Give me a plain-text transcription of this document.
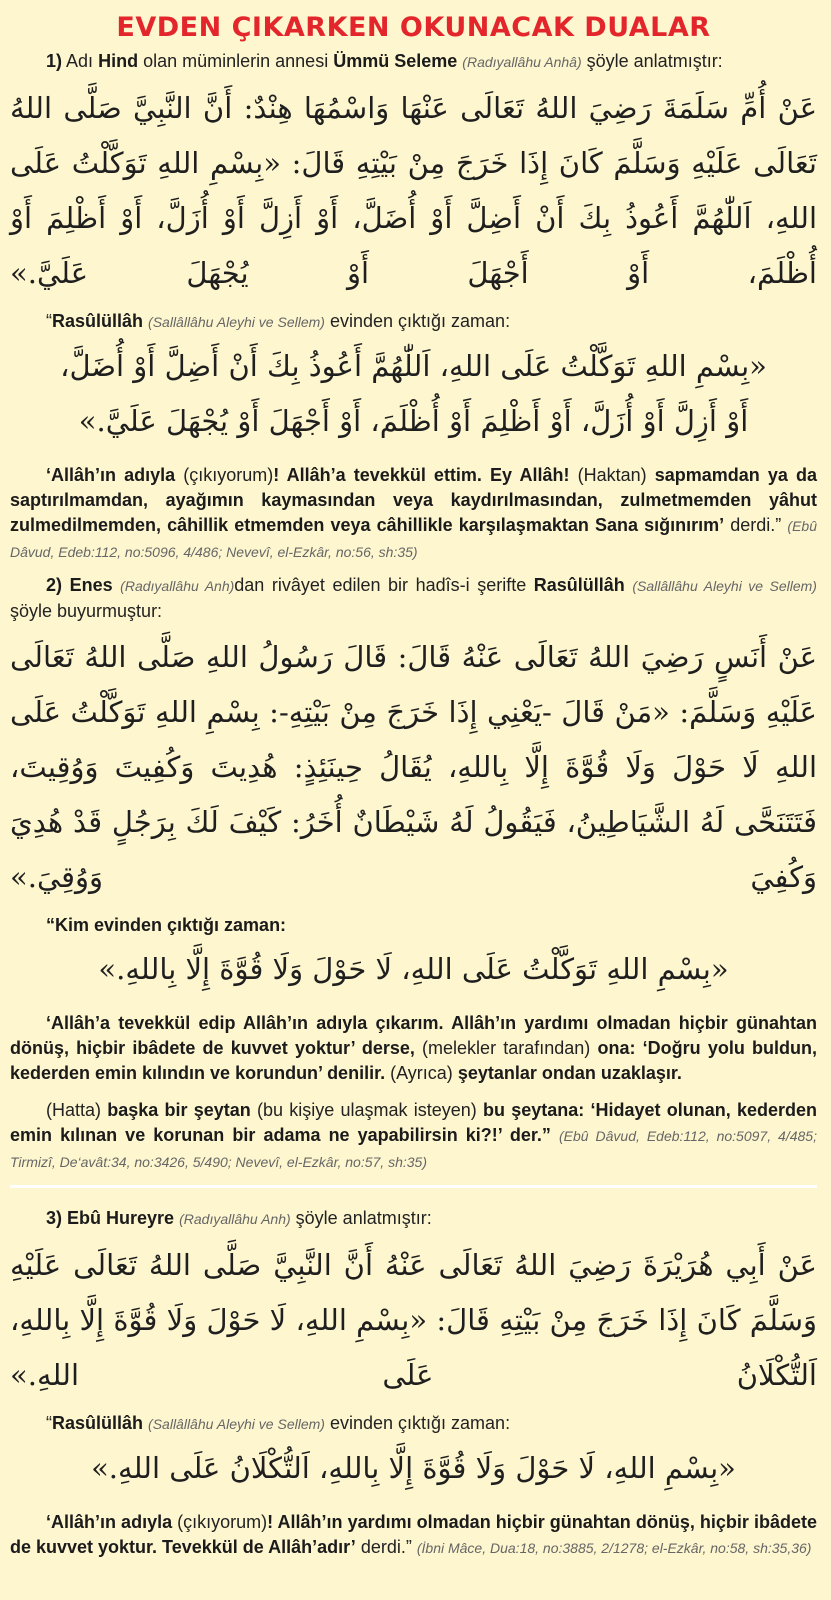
EVDEN ÇIKARKEN OKUNACAK DUALAR

1) Adı Hind olan müminlerin annesi Ümmü Seleme (Radıyallâhu Anhâ) şöyle anlatmıştır:

عَنْ أُمِّ سَلَمَةَ رَضِيَ اللهُ تَعَالَى عَنْهَا وَاسْمُهَا هِنْدٌ: أَنَّ النَّبِيَّ صَلَّى اللهُ تَعَالَى عَلَيْهِ وَسَلَّمَ كَانَ إِذَا خَرَجَ مِنْ بَيْتِهِ قَالَ: «بِسْمِ اللهِ تَوَكَّلْتُ عَلَى اللهِ، اَللّٰهُمَّ أَعُوذُ بِكَ أَنْ أَضِلَّ أَوْ أُضَلَّ، أَوْ أَزِلَّ أَوْ أُزَلَّ، أَوْ أَظْلِمَ أَوْ أُظْلَمَ، أَوْ أَجْهَلَ أَوْ يُجْهَلَ عَلَيَّ.»

“Rasûlüllâh (Sallâllâhu Aleyhi ve Sellem) evinden çıktığı zaman:

«بِسْمِ اللهِ تَوَكَّلْتُ عَلَى اللهِ، اَللّٰهُمَّ أَعُوذُ بِكَ أَنْ أَضِلَّ أَوْ أُضَلَّ،
أَوْ أَزِلَّ أَوْ أُزَلَّ، أَوْ أَظْلِمَ أَوْ أُظْلَمَ، أَوْ أَجْهَلَ أَوْ يُجْهَلَ عَلَيَّ.»

‘Allâh’ın adıyla (çıkıyorum)! Allâh’a tevekkül ettim. Ey Allâh! (Haktan) sapmamdan ya da saptırılmamdan, ayağımın kaymasından veya kaydırılmasından, zulmetmemden yâhut zulmedilmemden, câhillik etmemden veya câhillikle karşılaşmaktan Sana sığınırım’ derdi.” (Ebû Dâvud, Edeb:112, no:5096, 4/486; Nevevî, el-Ezkâr, no:56, sh:35)

2) Enes (Radıyallâhu Anh)dan rivâyet edilen bir hadîs-i şerifte Rasûlüllâh (Sallâllâhu Aleyhi ve Sellem) şöyle buyurmuştur:

عَنْ أَنَسٍ رَضِيَ اللهُ تَعَالَى عَنْهُ قَالَ: قَالَ رَسُولُ اللهِ صَلَّى اللهُ تَعَالَى عَلَيْهِ وَسَلَّمَ: «مَنْ قَالَ -يَعْنِي إِذَا خَرَجَ مِنْ بَيْتِهِ-: بِسْمِ اللهِ تَوَكَّلْتُ عَلَى اللهِ لَا حَوْلَ وَلَا قُوَّةَ إِلَّا بِاللهِ، يُقَالُ حِينَئِذٍ: هُدِيتَ وَكُفِيتَ وَوُقِيتَ، فَتَتَنَحَّى لَهُ الشَّيَاطِينُ، فَيَقُولُ لَهُ شَيْطَانٌ أُخَرُ: كَيْفَ لَكَ بِرَجُلٍ قَدْ هُدِيَ وَكُفِيَ وَوُقِيَ.»

“Kim evinden çıktığı zaman:

«بِسْمِ اللهِ تَوَكَّلْتُ عَلَى اللهِ، لَا حَوْلَ وَلَا قُوَّةَ إِلَّا بِاللهِ.»

‘Allâh’a tevekkül edip Allâh’ın adıyla çıkarım. Allâh’ın yardımı olmadan hiçbir günahtan dönüş, hiçbir ibâdete de kuvvet yoktur’ derse, (melekler tarafından) ona: ‘Doğru yolu buldun, kederden emin kılındın ve korundun’ denilir. (Ayrıca) şeytanlar ondan uzaklaşır.

(Hatta) başka bir şeytan (bu kişiye ulaşmak isteyen) bu şeytana: ‘Hidayet olunan, kederden emin kılınan ve korunan bir adama ne yapabilirsin ki?!’ der.” (Ebû Dâvud, Edeb:112, no:5097, 4/485; Tirmizî, De‘avât:34, no:3426, 5/490; Nevevî, el-Ezkâr, no:57, sh:35)

3) Ebû Hureyre (Radıyallâhu Anh) şöyle anlatmıştır:

عَنْ أَبِي هُرَيْرَةَ رَضِيَ اللهُ تَعَالَى عَنْهُ أَنَّ النَّبِيَّ صَلَّى اللهُ تَعَالَى عَلَيْهِ وَسَلَّمَ كَانَ إِذَا خَرَجَ مِنْ بَيْتِهِ قَالَ: «بِسْمِ اللهِ، لَا حَوْلَ وَلَا قُوَّةَ إِلَّا بِاللهِ، اَلتُّكْلَانُ عَلَى اللهِ.»

“Rasûlüllâh (Sallâllâhu Aleyhi ve Sellem) evinden çıktığı zaman:

«بِسْمِ اللهِ، لَا حَوْلَ وَلَا قُوَّةَ إِلَّا بِاللهِ، اَلتُّكْلَانُ عَلَى اللهِ.»

‘Allâh’ın adıyla (çıkıyorum)! Allâh’ın yardımı olmadan hiçbir günahtan dönüş, hiçbir ibâdete de kuvvet yoktur. Tevekkül de Allâh’adır’ derdi.” (İbni Mâce, Dua:18, no:3885, 2/1278; el-Ezkâr, no:58, sh:35,36)
